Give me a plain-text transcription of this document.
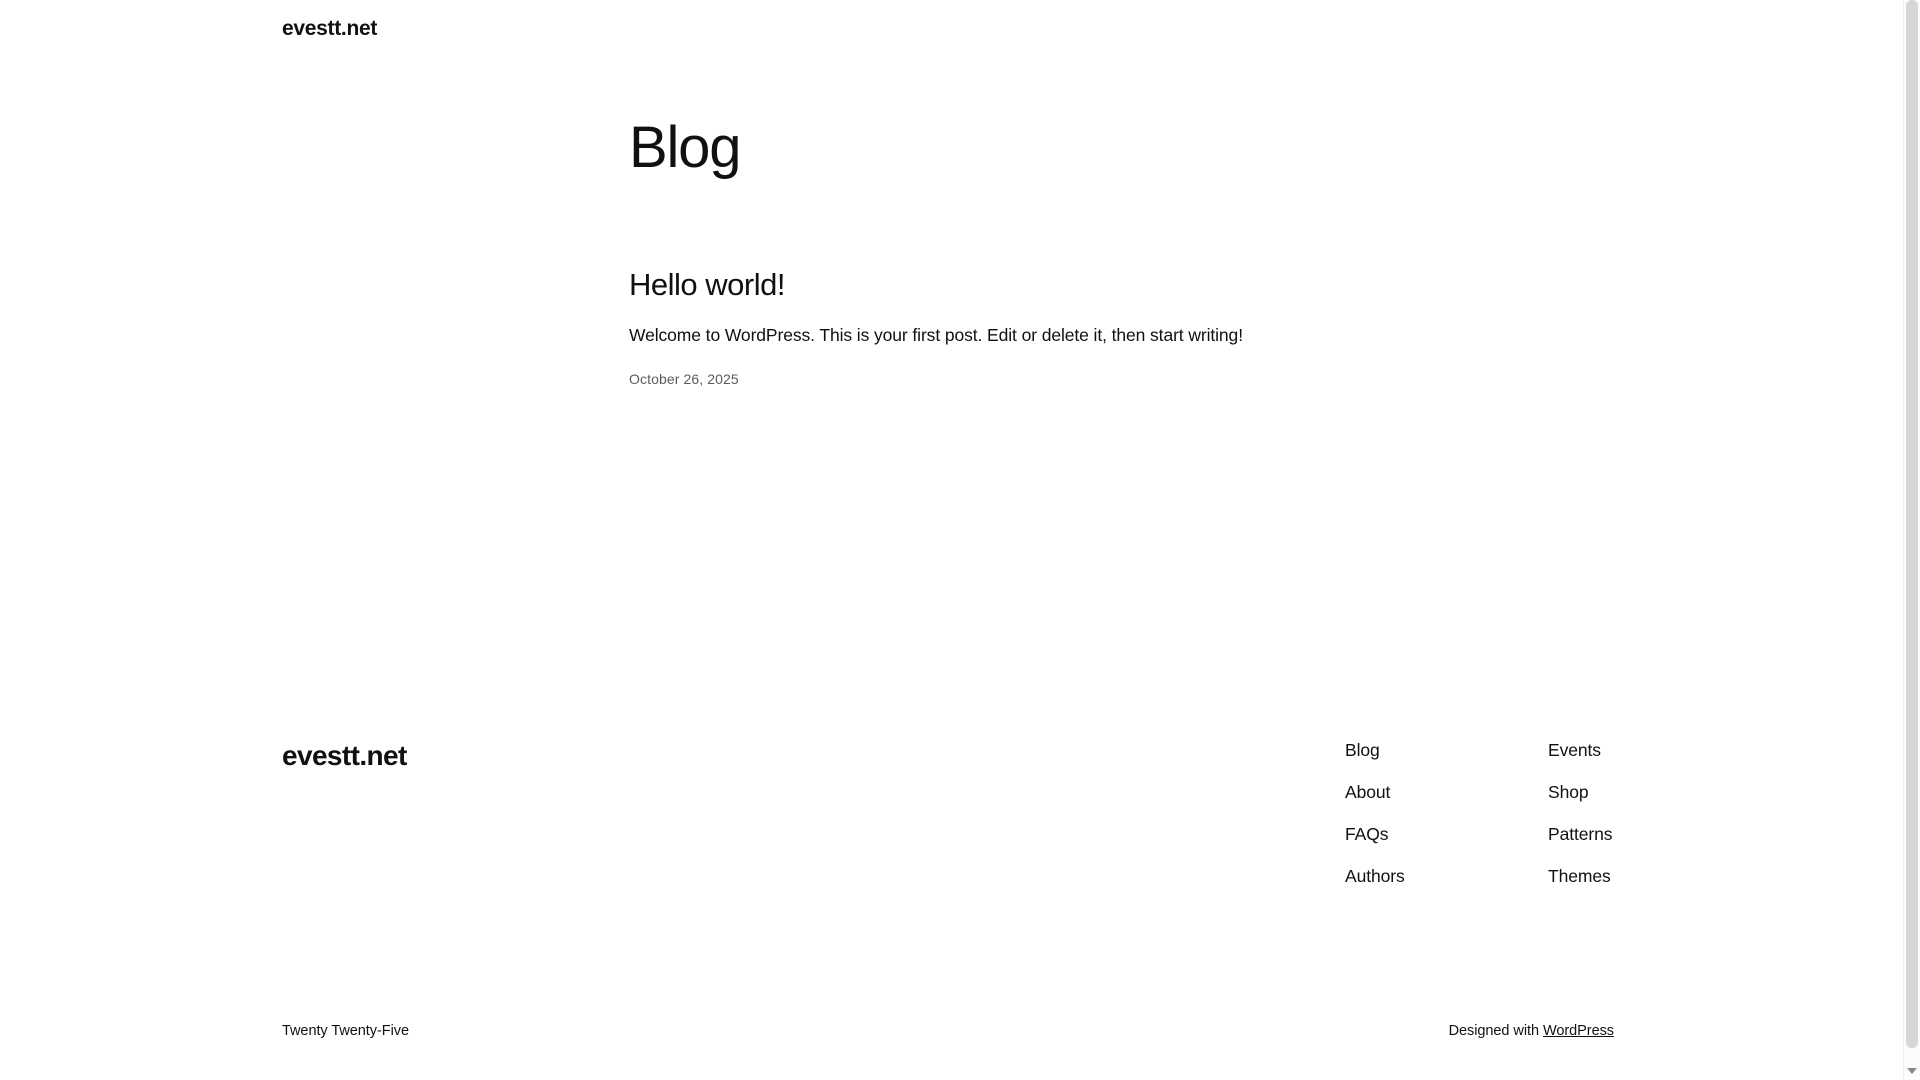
evestt.net
Blog
Hello world!

Welcome to WordPress. This is your first post. Edit or delete it, then start writing!

October 26, 2025

evestt.net	Blog
About
FAQs
Authors
Events
Shop
Patterns
Themes
Twenty Twenty-Five	Designed with WordPress
